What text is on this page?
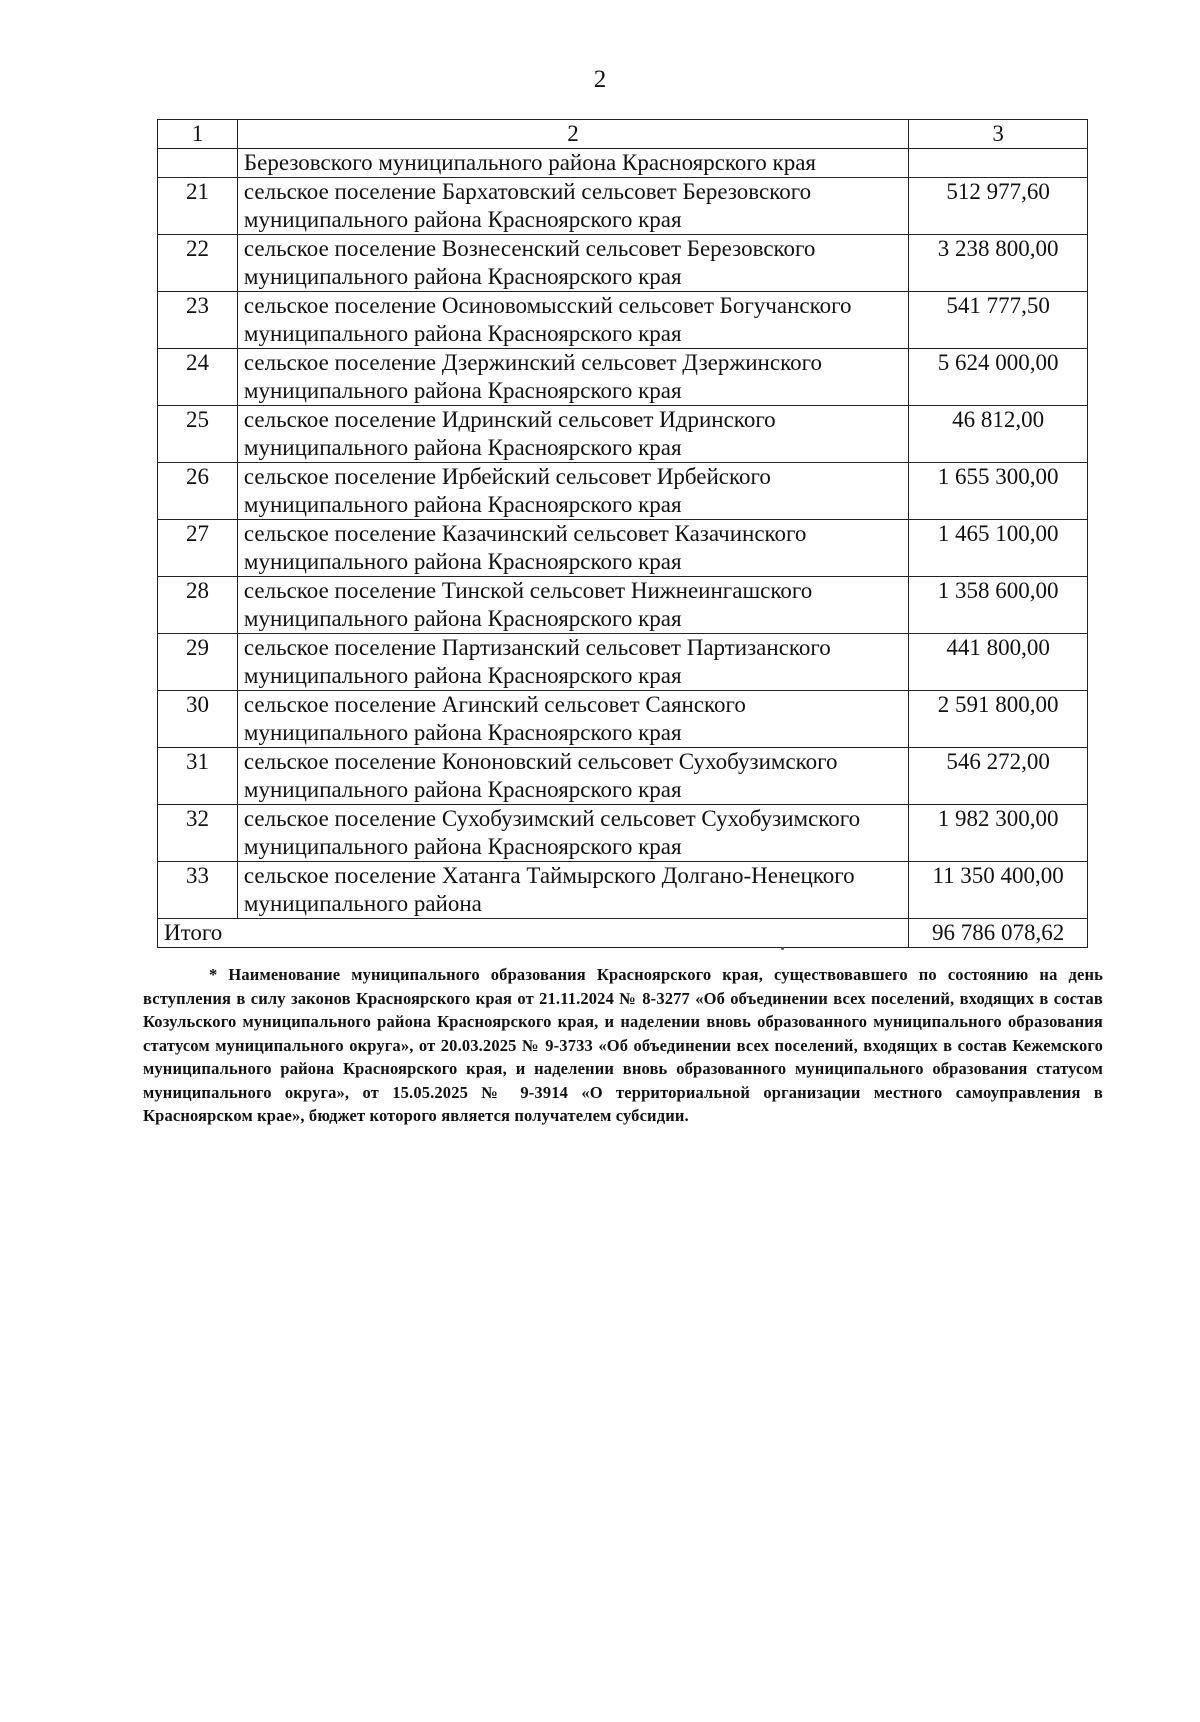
2
1	2	3
	Березовского муниципального района Красноярского края	
21	сельское поселение Бархатовский сельсовет Березовского
муниципального района Красноярского края	512 977,60
22	сельское поселение Вознесенский сельсовет Березовского
муниципального района Красноярского края	3 238 800,00
23	сельское поселение Осиновомысский сельсовет Богучанского
муниципального района Красноярского края	541 777,50
24	сельское поселение Дзержинский сельсовет Дзержинского
муниципального района Красноярского края	5 624 000,00
25	сельское поселение Идринский сельсовет Идринского
муниципального района Красноярского края	46 812,00
26	сельское поселение Ирбейский сельсовет Ирбейского
муниципального района Красноярского края	1 655 300,00
27	сельское поселение Казачинский сельсовет Казачинского
муниципального района Красноярского края	1 465 100,00
28	сельское поселение Тинской сельсовет Нижнеингашского
муниципального района Красноярского края	1 358 600,00
29	сельское поселение Партизанский сельсовет Партизанского
муниципального района Красноярского края	441 800,00
30	сельское поселение Агинский сельсовет Саянского
муниципального района Красноярского края	2 591 800,00
31	сельское поселение Кононовский сельсовет Сухобузимского
муниципального района Красноярского края	546 272,00
32	сельское поселение Сухобузимский сельсовет Сухобузимского
муниципального района Красноярского края	1 982 300,00
33	сельское поселение Хатанга Таймырского Долгано-Ненецкого
муниципального района	11 350 400,00
Итого		96 786 078,62
* Наименование муниципального образования Красноярского края, существовавшего по состоянию на день вступления в силу законов Красноярского края от 21.11.2024 № 8-3277 «Об объединении всех поселений, входящих в состав Козульского муниципального района Красноярского края, и наделении вновь образованного муниципального образования статусом муниципального округа», от 20.03.2025 № 9-3733 «Об объединении всех поселений, входящих в состав Кежемского муниципального района Красноярского края, и наделении вновь образованного муниципального образования статусом муниципального округа», от 15.05.2025 № 9-3914 «О территориальной организации местного самоуправления в Красноярском крае», бюджет которого является получателем субсидии.
